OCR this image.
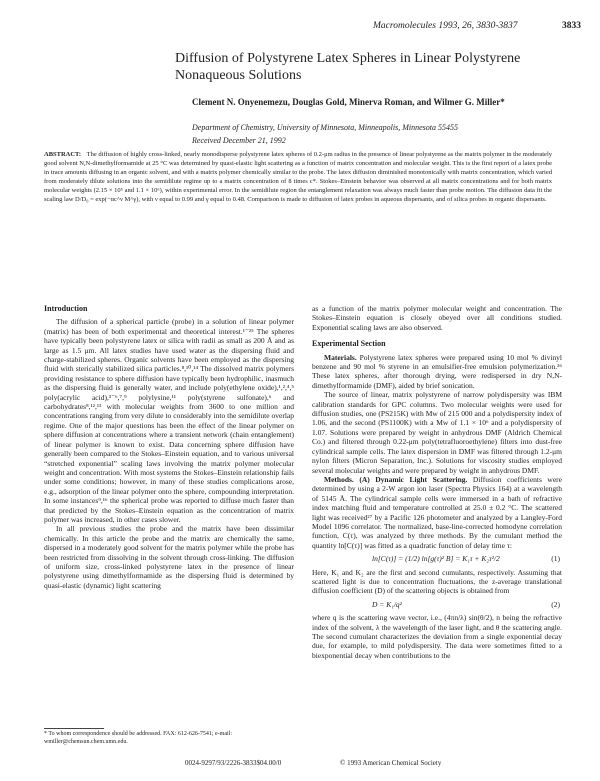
Macromolecules 1993, 26, 3830-3837	3833
Diffusion of Polystyrene Latex Spheres in Linear Polystyrene Nonaqueous Solutions

Clement N. Onyenemezu, Douglas Gold, Minerva Roman, and Wilmer G. Miller*

Department of Chemistry, University of Minnesota, Minneapolis, Minnesota 55455

Received December 21, 1992

ABSTRACT: The diffusion of highly cross-linked, nearly monodisperse polystyrene latex spheres of 0.2-μm radius in the presence of linear polystyrene as the matrix polymer in the moderately good solvent N,N-dimethylformamide at 25 °C was determined by quasi-elastic light scattering as a function of matrix concentration and molecular weight. This is the first report of a latex probe in trace amounts diffusing in an organic solvent, and with a matrix polymer chemically similar to the probe. The latex diffusion diminished monotonically with matrix concentration, which varied from moderately dilute solutions into the semidilute regime up to a matrix concentration of 8 times c*. Stokes–Einstein behavior was observed at all matrix concentrations and for both matrix molecular weights (2.15 × 10⁵ and 1.1 × 10⁶), within experimental error. In the semidilute region the entanglement relaxation was always much faster than probe motion. The diffusion data fit the scaling law D/D₀ = exp(−αc^ν M^γ), with ν equal to 0.99 and γ equal to 0.48. Comparison is made to diffusion of latex probes in aqueous dispersants, and of silica probes in organic dispersants.

Introduction

The diffusion of a spherical particle (probe) in a solution of linear polymer (matrix) has been of both experimental and theoretical interest.¹⁻²⁵ The spheres have typically been polystyrene latex or silica with radii as small as 200 Å and as large as 1.5 μm. All latex studies have used water as the dispersing fluid and charge-stabilized spheres. Organic solvents have been employed as the dispersing fluid with sterically stabilized silica particles.⁸,¹⁰,¹⁴ The dissolved matrix polymers providing resistance to sphere diffusion have typically been hydrophilic, inasmuch as the dispersing fluid is generally water, and include poly(ethylene oxide),¹,²,⁴,⁵ poly(acrylic acid),³⁻⁶,⁷,⁹ polylysine,¹¹ poly(styrene sulfonate),⁶ and carbohydrates⁸,¹²,¹³ with molecular weights from 3600 to one million and concentrations ranging from very dilute to considerably into the semidilute overlap regime. One of the major questions has been the effect of the linear polymer on sphere diffusion at concentrations where a transient network (chain entanglement) of linear polymer is known to exist. Data concerning sphere diffusion have generally been compared to the Stokes–Einstein equation, and to various universal “stretched exponential” scaling laws involving the matrix polymer molecular weight and concentration. With most systems the Stokes–Einstein relationship fails under some conditions; however, in many of these studies complications arose, e.g., adsorption of the linear polymer onto the sphere, compounding interpretation. In some instances⁹,¹⁶ the spherical probe was reported to diffuse much faster than that predicted by the Stokes–Einstein equation as the concentration of matrix polymer was increased, in other cases slower.

In all previous studies the probe and the matrix have been dissimilar chemically. In this article the probe and the matrix are chemically the same, dispersed in a moderately good solvent for the matrix polymer while the probe has been restricted from dissolving in the solvent through cross-linking. The diffusion of uniform size, cross-linked polystyrene latex in the presence of linear polystyrene using dimethylformamide as the dispersing fluid is determined by quasi-elastic (dynamic) light scattering

as a function of the matrix polymer molecular weight and concentration. The Stokes–Einstein equation is closely obeyed over all conditions studied. Exponential scaling laws are also observed.

Experimental Section

Materials. Polystyrene latex spheres were prepared using 10 mol % divinyl benzene and 90 mol % styrene in an emulsifier-free emulsion polymerization.²⁶ These latex spheres, after thorough drying, were redispersed in dry N,N-dimethylformamide (DMF), aided by brief sonication.

The source of linear, matrix polystyrene of narrow polydispersity was IBM calibration standards for GPC columns. Two molecular weights were used for diffusion studies, one (PS215K) with Mw of 215 000 and a polydispersity index of 1.06, and the second (PS1100K) with a Mw of 1.1 × 10⁶ and a polydispersity of 1.07. Solutions were prepared by weight in anhydrous DMF (Aldrich Chemical Co.) and filtered through 0.22-μm poly(tetrafluoroethylene) filters into dust-free cylindrical sample cells. The latex dispersion in DMF was filtered through 1.2-μm nylon filters (Micron Separation, Inc.). Solutions for viscosity studies employed several molecular weights and were prepared by weight in anhydrous DMF.

Methods. (A) Dynamic Light Scattering. Diffusion coefficients were determined by using a 2-W argon ion laser (Spectra Physics 164) at a wavelength of 5145 Å. The cylindrical sample cells were immersed in a bath of refractive index matching fluid and temperature controlled at 25.0 ± 0.2 °C. The scattered light was received²⁷ by a Pacific 126 photometer and analyzed by a Langley-Ford Model 1096 correlator. The normalized, base-line-corrected homodyne correlation function, C(τ), was analyzed by three methods. By the cumulant method the quantity ln[C(τ)] was fitted as a quadratic function of delay time τ:

ln[C(τ)] = (1/2) ln[g(τ)² B] = K₁τ + K₂τ²/2	(1)

Here, K₁ and K₂ are the first and second cumulants, respectively. Assuming that scattered light is due to concentration fluctuations, the z-average translational diffusion coefficient (D) of the scattering objects is obtained from

D = K₁/q²	(2)

where q is the scattering wave vector, i.e., (4πn/λ) sin(θ/2), n being the refractive index of the solvent, λ the wavelength of the laser light, and θ the scattering angle. The second cumulant characterizes the deviation from a single exponential decay due, for example, to mild polydispersity. The data were sometimes fitted to a biexponential decay when contributions to the

* To whom correspondence should be addressed. FAX: 612-626-7541; e-mail: wmiller@chemsun.chem.umn.edu.

0024-9297/93/2226-3833$04.00/0	© 1993 American Chemical Society
